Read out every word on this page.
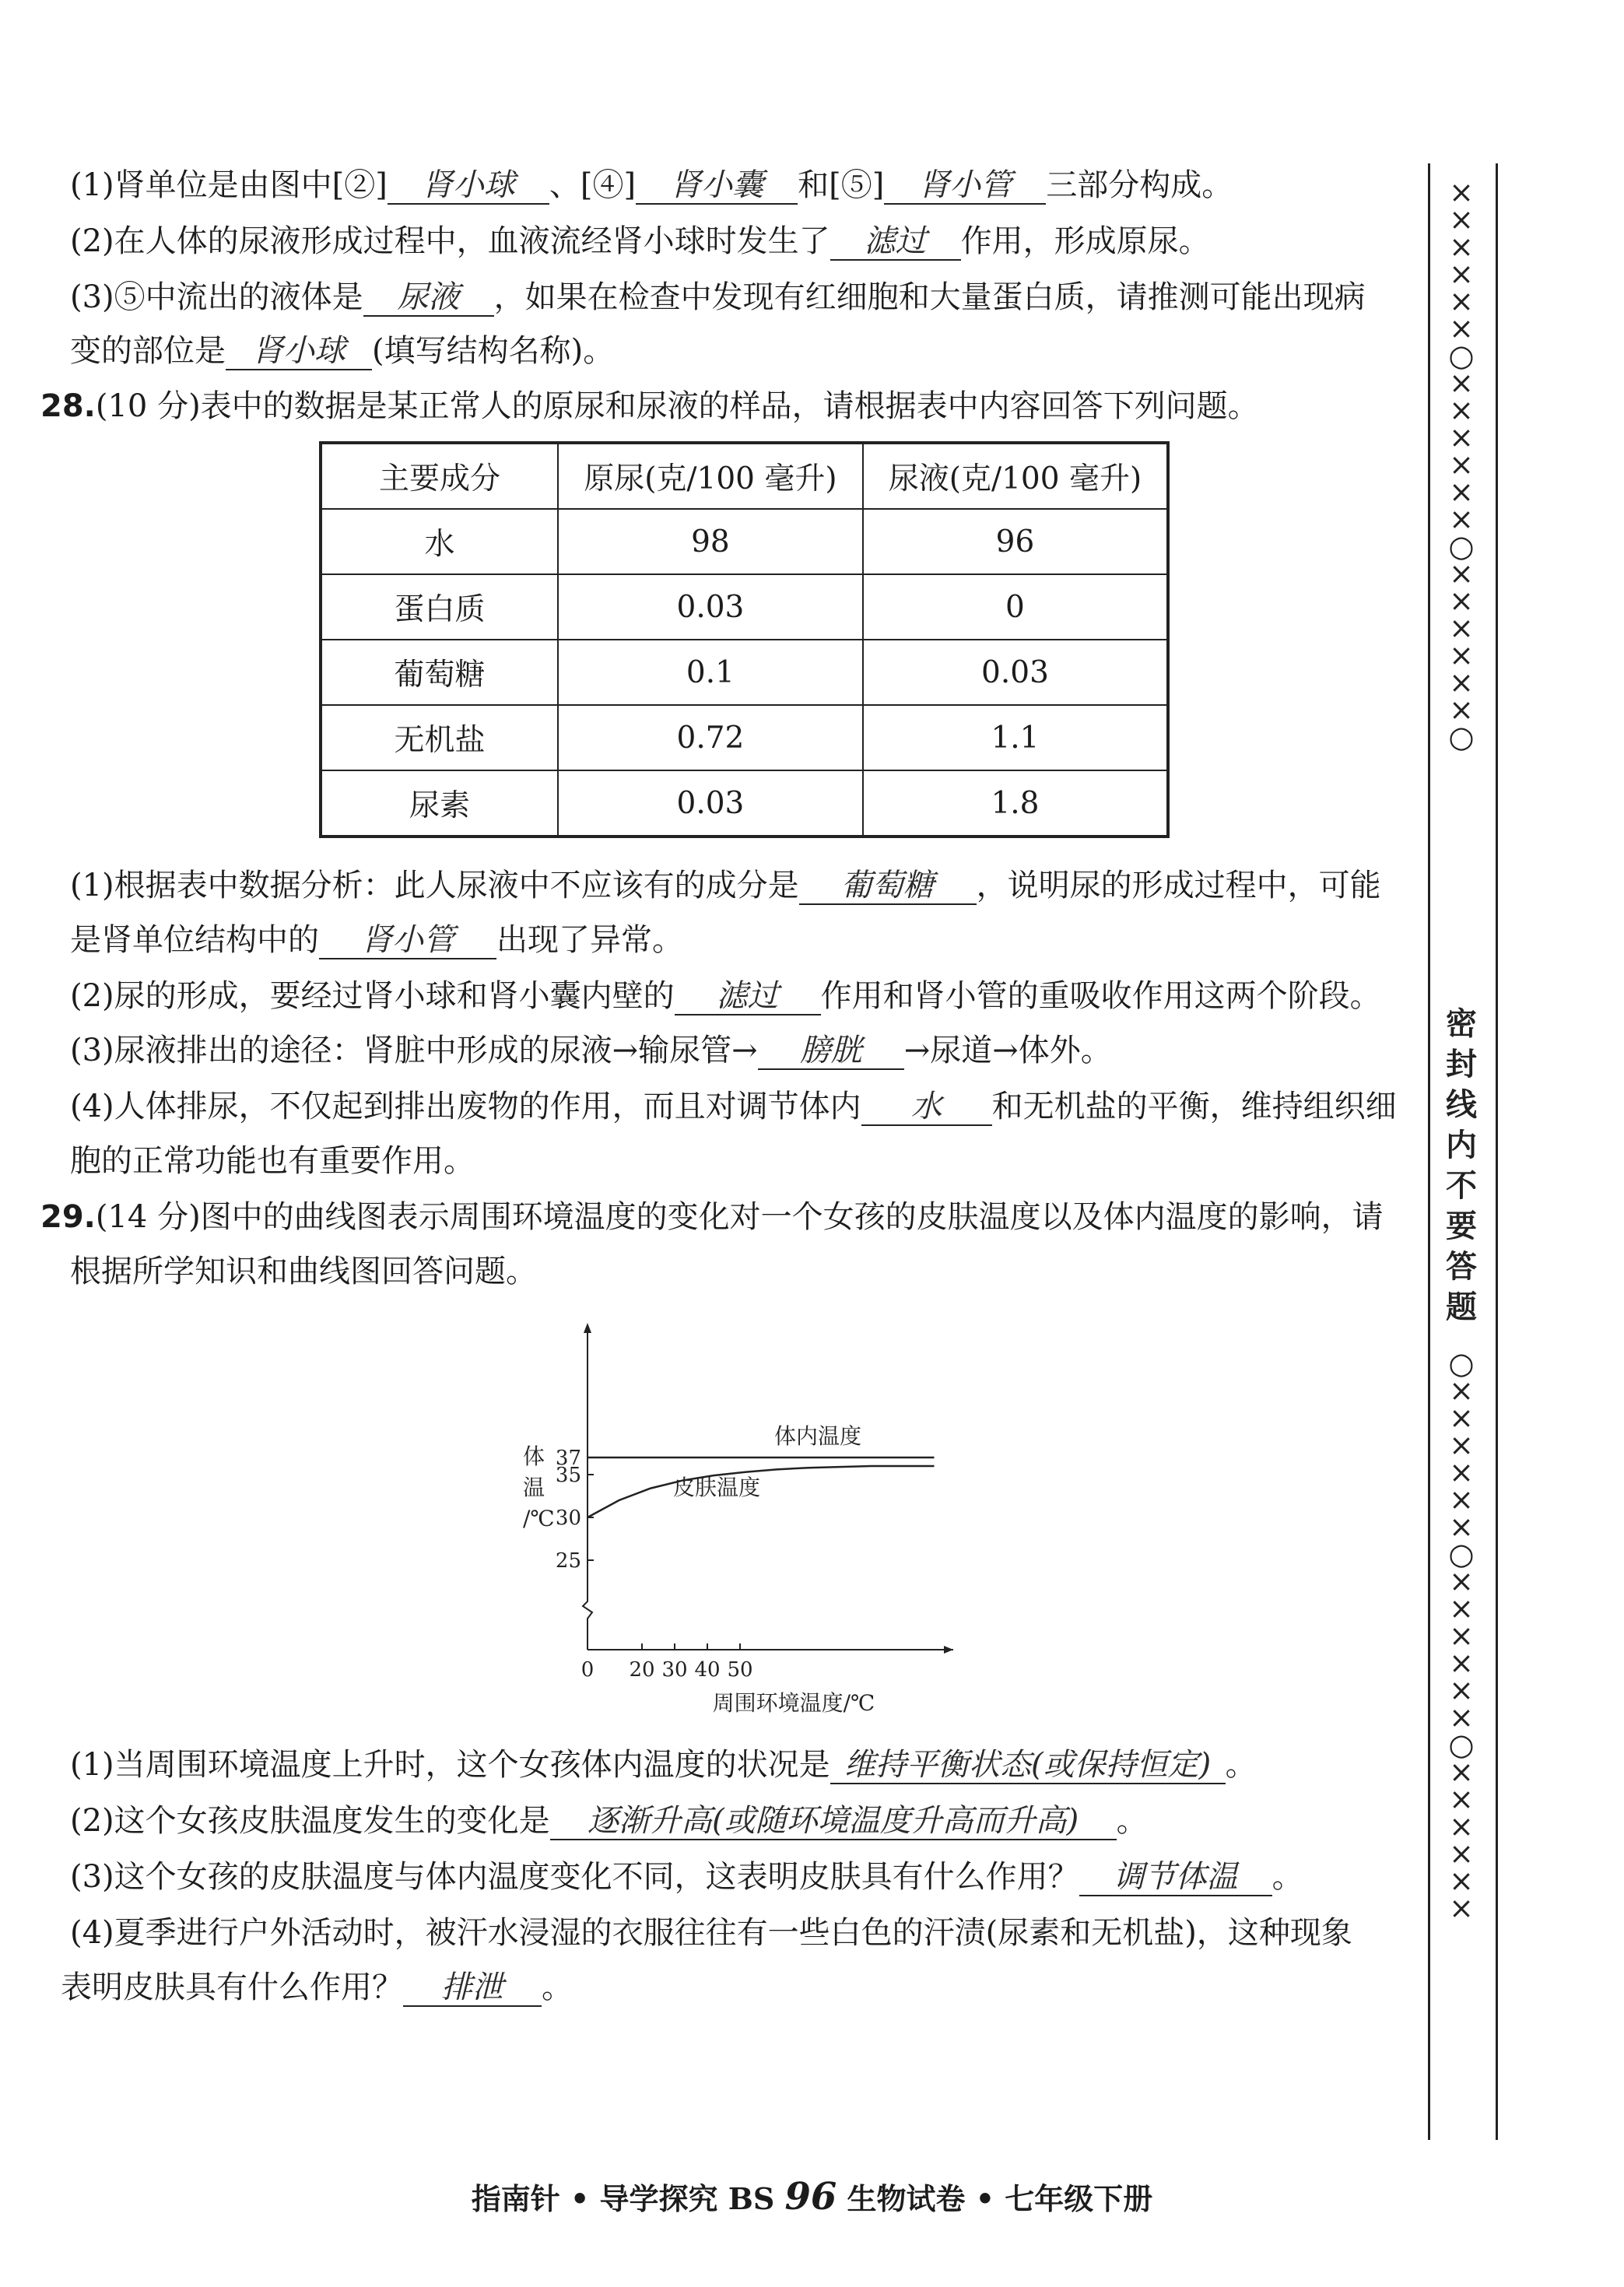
(1)肾单位是由图中[②] 肾小球 、[④] 肾小囊 和[⑤] 肾小管 三部分构成。
(2)在人体的尿液形成过程中，血液流经肾小球时发生了 滤过 作用，形成原尿。
(3)⑤中流出的液体是 尿液 ，如果在检查中发现有红细胞和大量蛋白质，请推测可能出现病
变的部位是 肾小球 (填写结构名称)。
28.(10 分)表中的数据是某正常人的原尿和尿液的样品，请根据表中内容回答下列问题。
主要成分	原尿(克/100 毫升)	尿液(克/100 毫升)
水	98	96
蛋白质	0.03	0
葡萄糖	0.1	0.03
无机盐	0.72	1.1
尿素	0.03	1.8
(1)根据表中数据分析：此人尿液中不应该有的成分是 葡萄糖 ，说明尿的形成过程中，可能
是肾单位结构中的 肾小管 出现了异常。
(2)尿的形成，要经过肾小球和肾小囊内壁的 滤过 作用和肾小管的重吸收作用这两个阶段。
(3)尿液排出的途径：肾脏中形成的尿液→输尿管→ 膀胱 →尿道→体外。
(4)人体排尿，不仅起到排出废物的作用，而且对调节体内 水 和无机盐的平衡，维持组织细
胞的正常功能也有重要作用。
29.(14 分)图中的曲线图表示周围环境温度的变化对一个女孩的皮肤温度以及体内温度的影响，请
根据所学知识和曲线图回答问题。
0 20 30 40 50
25
30
35
37
体
温
/℃
周围环境温度/℃
体内温度
皮肤温度
(1)当周围环境温度上升时，这个女孩体内温度的状况是 维持平衡状态(或保持恒定) 。
(2)这个女孩皮肤温度发生的变化是 逐渐升高(或随环境温度升高而升高) 。
(3)这个女孩的皮肤温度与体内温度变化不同，这表明皮肤具有什么作用？ 调节体温 。
(4)夏季进行户外活动时，被汗水浸湿的衣服往往有一些白色的汗渍(尿素和无机盐)，这种现象
表明皮肤具有什么作用？ 排泄 。
××××××○××××××○××××××○
密封线内不要答题
○××××××○××××××○××××××
指南针 • 导学探究 BS 96 生物试卷 • 七年级下册
